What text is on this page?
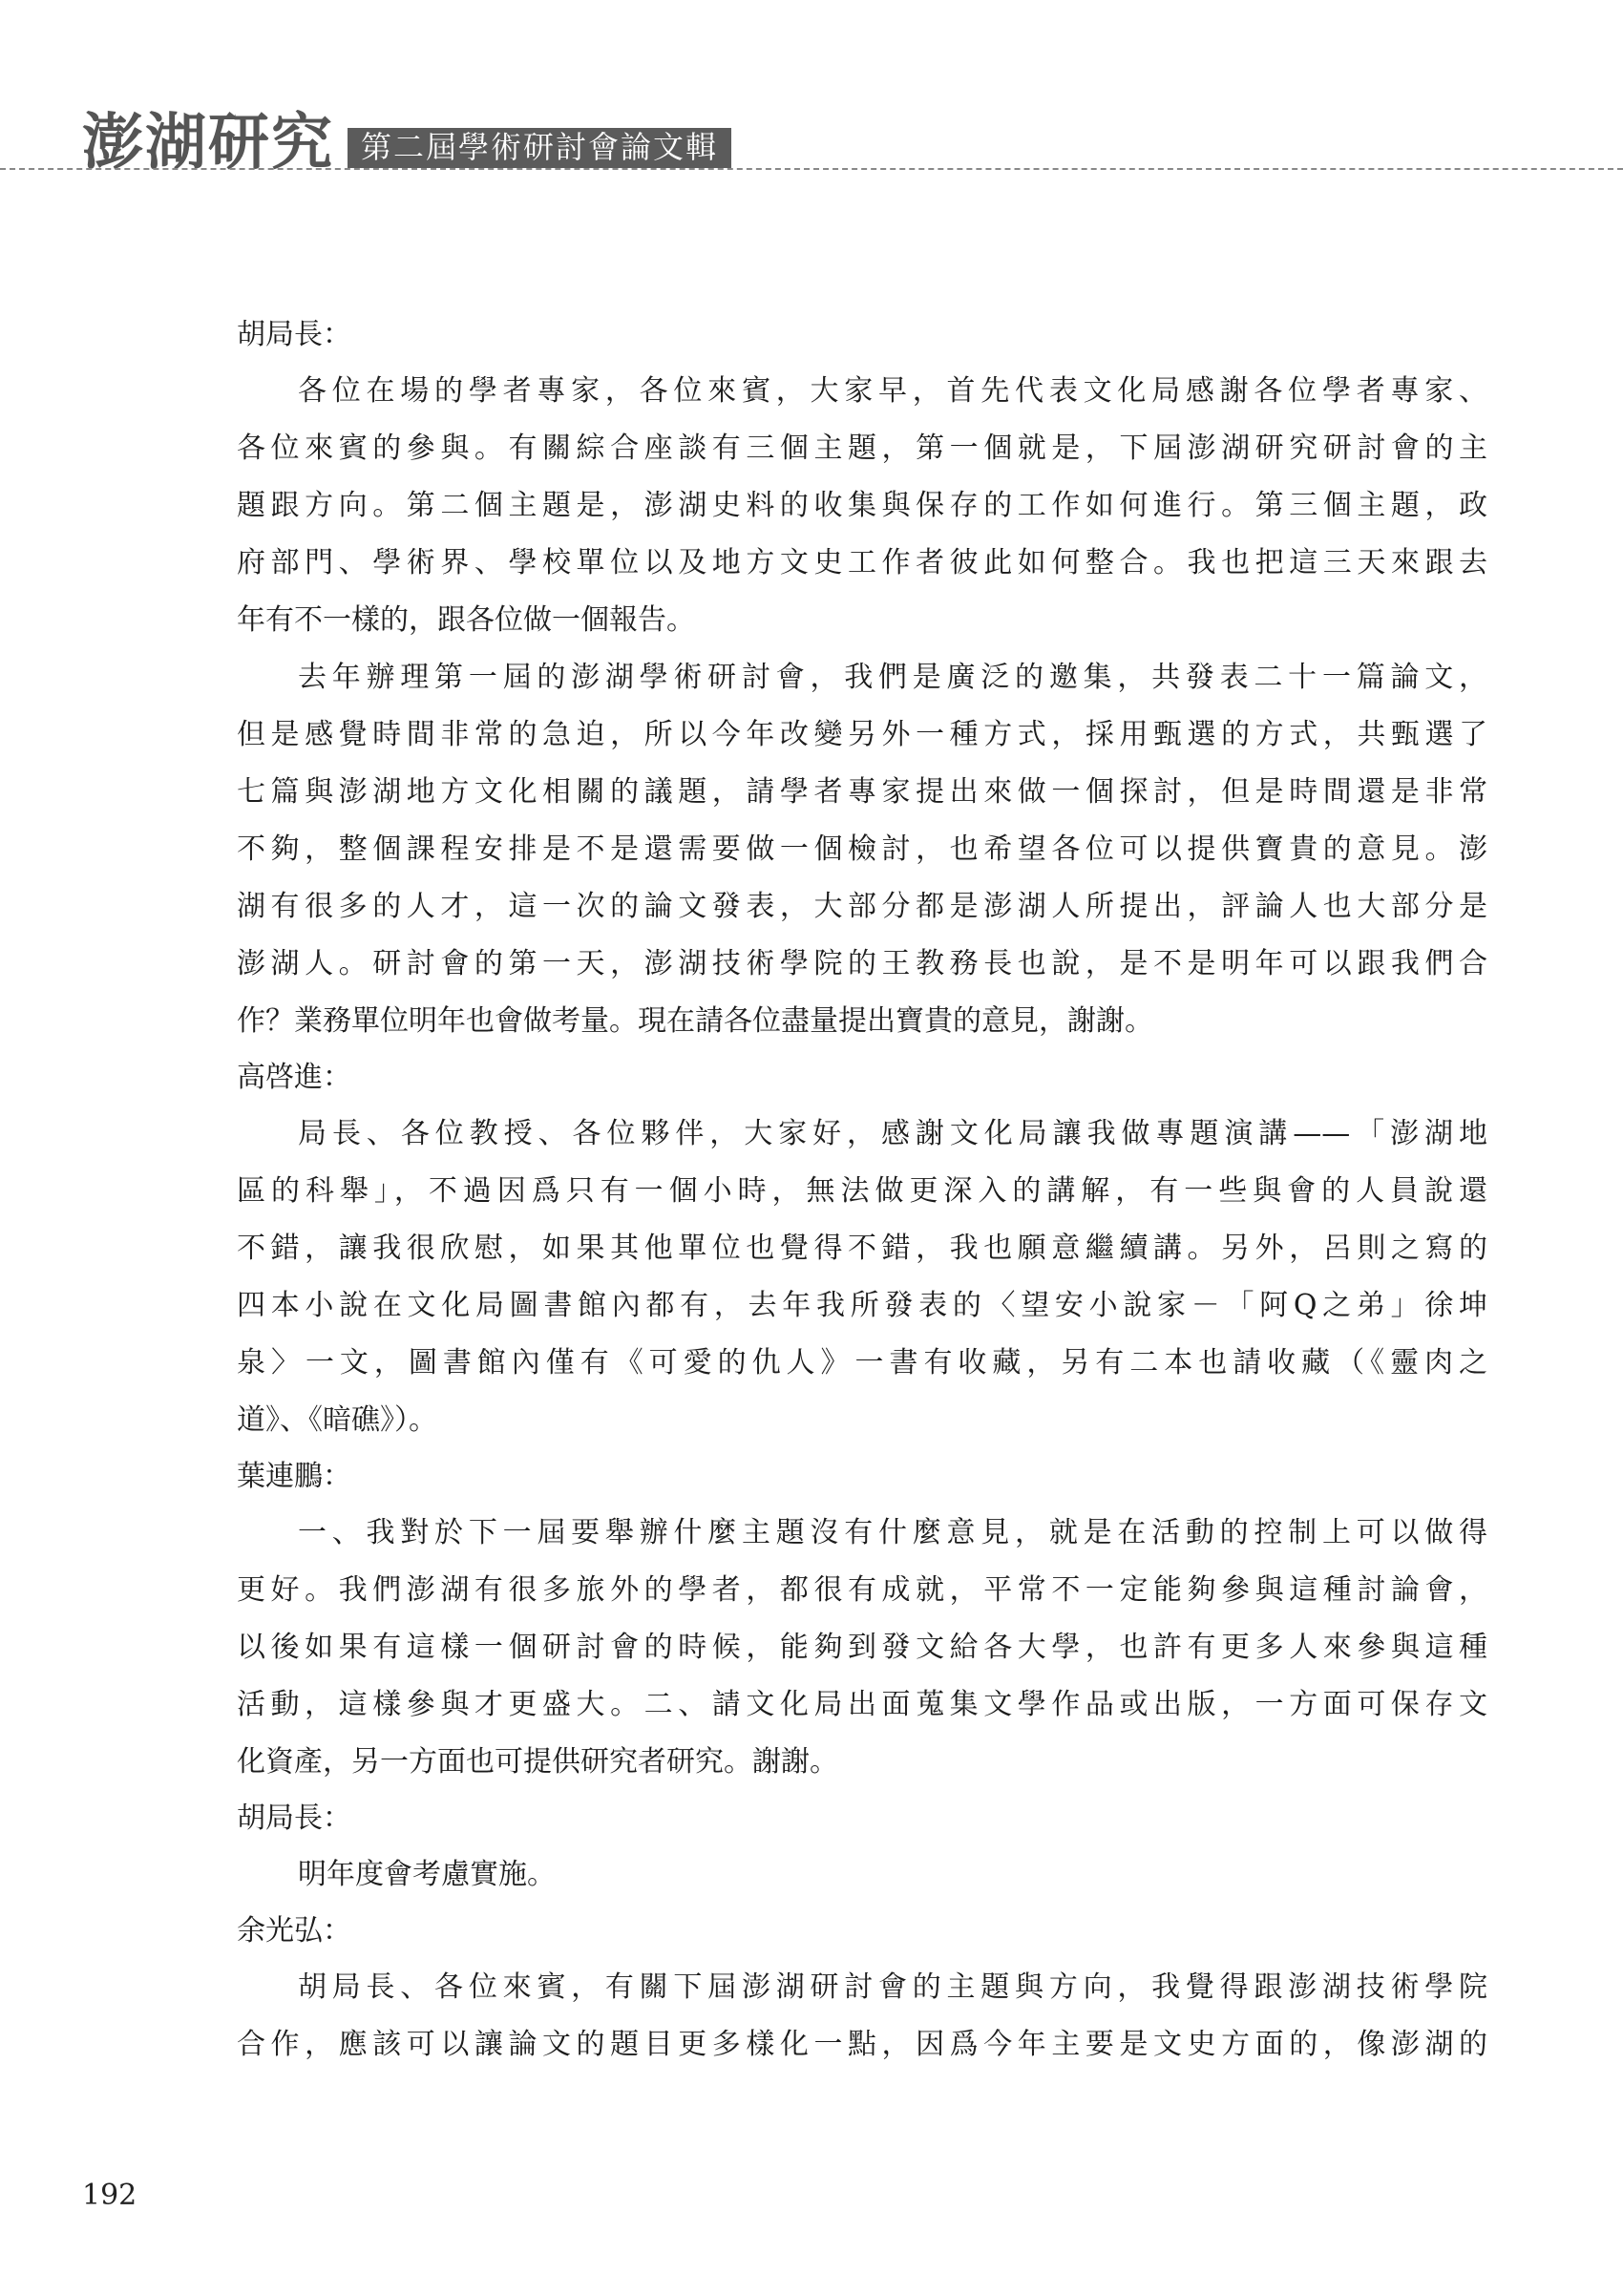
澎湖研究 第二屆學術研討會論文輯
胡局長：
各位在場的學者專家，各位來賓，大家早，首先代表文化局感謝各位學者專家、
各位來賓的參與。有關綜合座談有三個主題，第一個就是，下屆澎湖研究研討會的主
題跟方向。第二個主題是，澎湖史料的收集與保存的工作如何進行。第三個主題，政
府部門、學術界、學校單位以及地方文史工作者彼此如何整合。我也把這三天來跟去
年有不一樣的，跟各位做一個報告。
去年辦理第一屆的澎湖學術研討會，我們是廣泛的邀集，共發表二十一篇論文，
但是感覺時間非常的急迫，所以今年改變另外一種方式，採用甄選的方式，共甄選了
七篇與澎湖地方文化相關的議題，請學者專家提出來做一個探討，但是時間還是非常
不夠，整個課程安排是不是還需要做一個檢討，也希望各位可以提供寶貴的意見。澎
湖有很多的人才，這一次的論文發表，大部分都是澎湖人所提出，評論人也大部分是
澎湖人。研討會的第一天，澎湖技術學院的王教務長也說，是不是明年可以跟我們合
作？業務單位明年也會做考量。現在請各位盡量提出寶貴的意見，謝謝。
高啓進：
局長、各位教授、各位夥伴，大家好，感謝文化局讓我做專題演講——「澎湖地
區的科舉」，不過因爲只有一個小時，無法做更深入的講解，有一些與會的人員說還
不錯，讓我很欣慰，如果其他單位也覺得不錯，我也願意繼續講。另外，呂則之寫的
四本小說在文化局圖書館內都有，去年我所發表的〈望安小說家－「阿Q之弟」徐坤
泉〉一文，圖書館內僅有《可愛的仇人》一書有收藏，另有二本也請收藏（《靈肉之
道》、《暗礁》）。
葉連鵬：
一、我對於下一屆要舉辦什麼主題沒有什麼意見，就是在活動的控制上可以做得
更好。我們澎湖有很多旅外的學者，都很有成就，平常不一定能夠參與這種討論會，
以後如果有這樣一個研討會的時候，能夠到發文給各大學，也許有更多人來參與這種
活動，這樣參與才更盛大。二、請文化局出面蒐集文學作品或出版，一方面可保存文
化資產，另一方面也可提供研究者研究。謝謝。
胡局長：
明年度會考慮實施。
余光弘：
胡局長、各位來賓，有關下屆澎湖研討會的主題與方向，我覺得跟澎湖技術學院
合作，應該可以讓論文的題目更多樣化一點，因爲今年主要是文史方面的，像澎湖的
192
